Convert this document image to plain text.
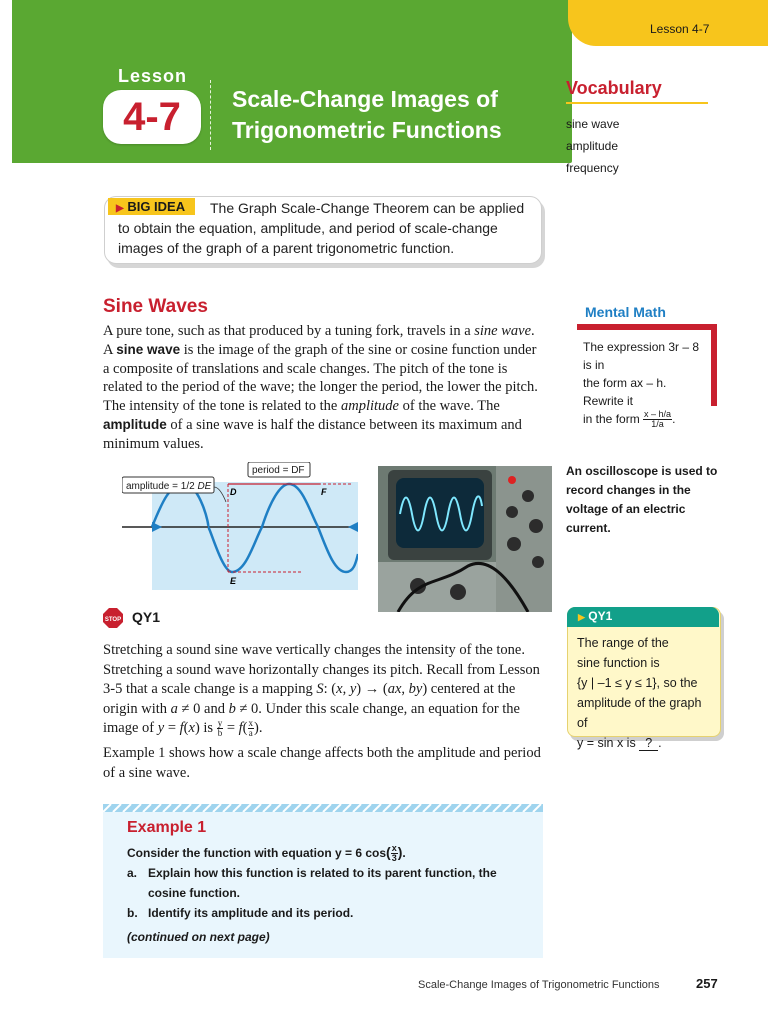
Lesson 4-7
Lesson
4-7	Scale-Change Images of
Trigonometric Functions
Vocabulary
sine wave
amplitude
frequency
The Graph Scale-Change Theorem can be applied to obtain the equation, amplitude, and period of scale-change images of the graph of a parent trigonometric function.
▶ BIG IDEA
Sine Waves
A pure tone, such as that produced by a tuning fork, travels in a sine wave. A sine wave is the image of the graph of the sine or cosine function under a composite of translations and scale changes. The pitch of the tone is related to the period of the wave; the longer the period, the lower the pitch. The intensity of the tone is related to the amplitude of the wave. The amplitude of a sine wave is half the distance between its maximum and minimum values.
amplitude = 1/2 DE
period = DF
D
E
F
Mental Math
The expression 3r – 8 is in
the form ax – h. Rewrite it
in the form $\frac{x - h/a}{1/a}$ .
An oscilloscope is used to record changes in the voltage of an electric current.
▶ QY1
The range of the
sine function is
{y | –1 ≤ y ≤ 1}, so the
amplitude of the graph of
y = sin x is ? .
STOP QY1
Stretching a sound sine wave vertically changes the intensity of the tone. Stretching a sound wave horizontally changes its pitch. Recall from Lesson 3-5 that a scale change is a mapping S: (x, y) → (ax, by) centered at the origin with a ≠ 0 and b ≠ 0. Under this scale change, an equation for the image of y = f(x) is $\frac{y}{b} = f( \frac{x}{a}$ ).
Example 1 shows how a scale change affects both the amplitude and period of a sine wave.
Example 1
Consider the function with equation y = 6 $\cos( \frac{x}{3}$ ).
a. Explain how this function is related to its parent function, the cosine function.
b. Identify its amplitude and its period.
(continued on next page)
Scale-Change Images of Trigonometric Functions	257
